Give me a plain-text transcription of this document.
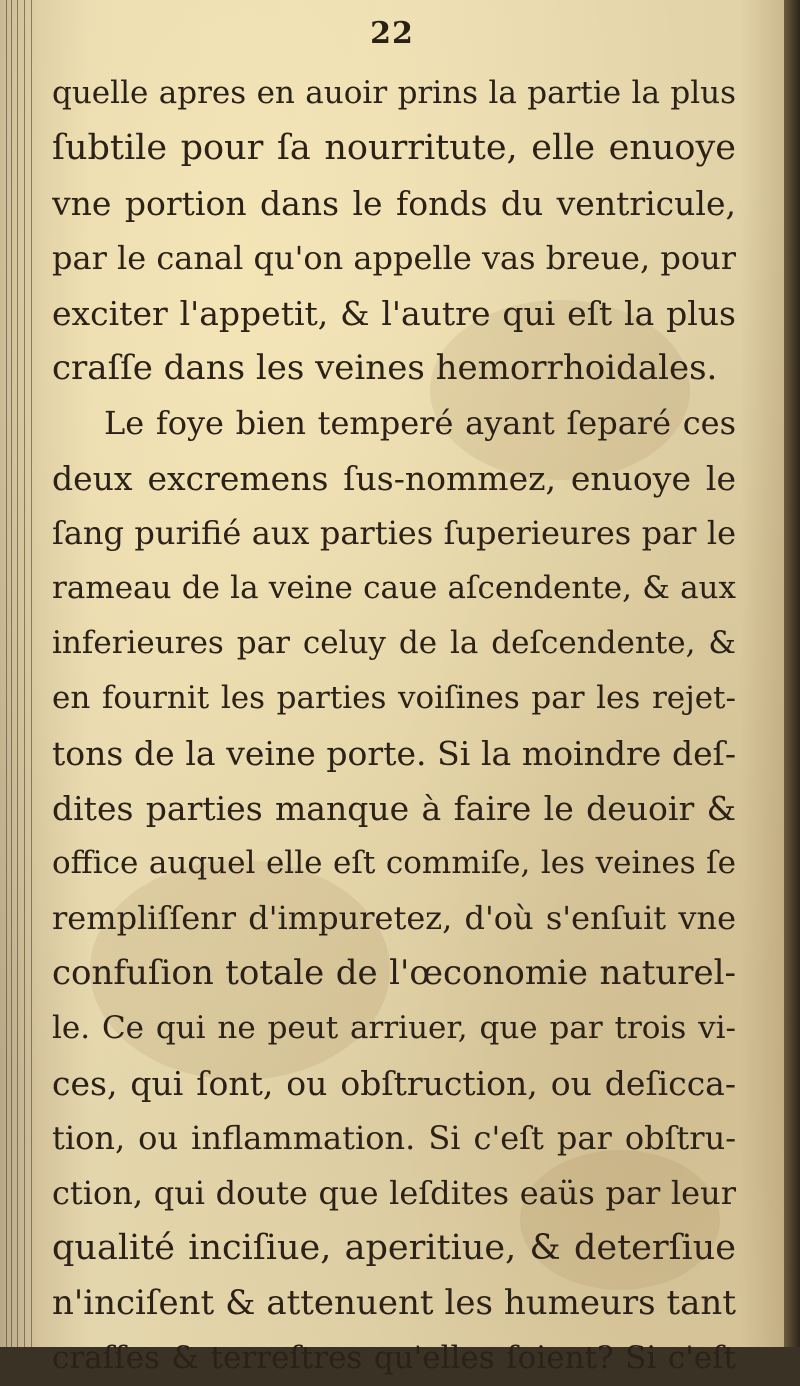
22
quelle apres en auoir prins la partie la plus
ſubtile pour ſa nourritute, elle enuoye
vne portion dans le fonds du ventricule,
par le canal qu'on appelle vas breue, pour
exciter l'appetit, & l'autre qui eſt la plus
craſſe dans les veines hemorrhoidales.
Le foye bien temperé ayant ſeparé ces
deux excremens ſus-nommez, enuoye le
ſang purifié aux parties ſuperieures par le
rameau de la veine caue aſcendente, & aux
inferieures par celuy de la deſcendente, &
en fournit les parties voiſines par les rejet-
tons de la veine porte. Si la moindre deſ-
dites parties manque à faire le deuoir &
office auquel elle eſt commiſe, les veines ſe
rempliſſenr d'impuretez, d'où s'enſuit vne
confuſion totale de l'œconomie naturel-
le. Ce qui ne peut arriuer, que par trois vi-
ces, qui ſont, ou obſtruction, ou deſicca-
tion, ou inflammation. Si c'eſt par obſtru-
ction, qui doute que leſdites eaüs par leur
qualité inciſiue, aperitiue, & deterſiue
n'inciſent & attenuent les humeurs tant
craſſes & terreſtres qu'elles ſoient? Si c'eſt
